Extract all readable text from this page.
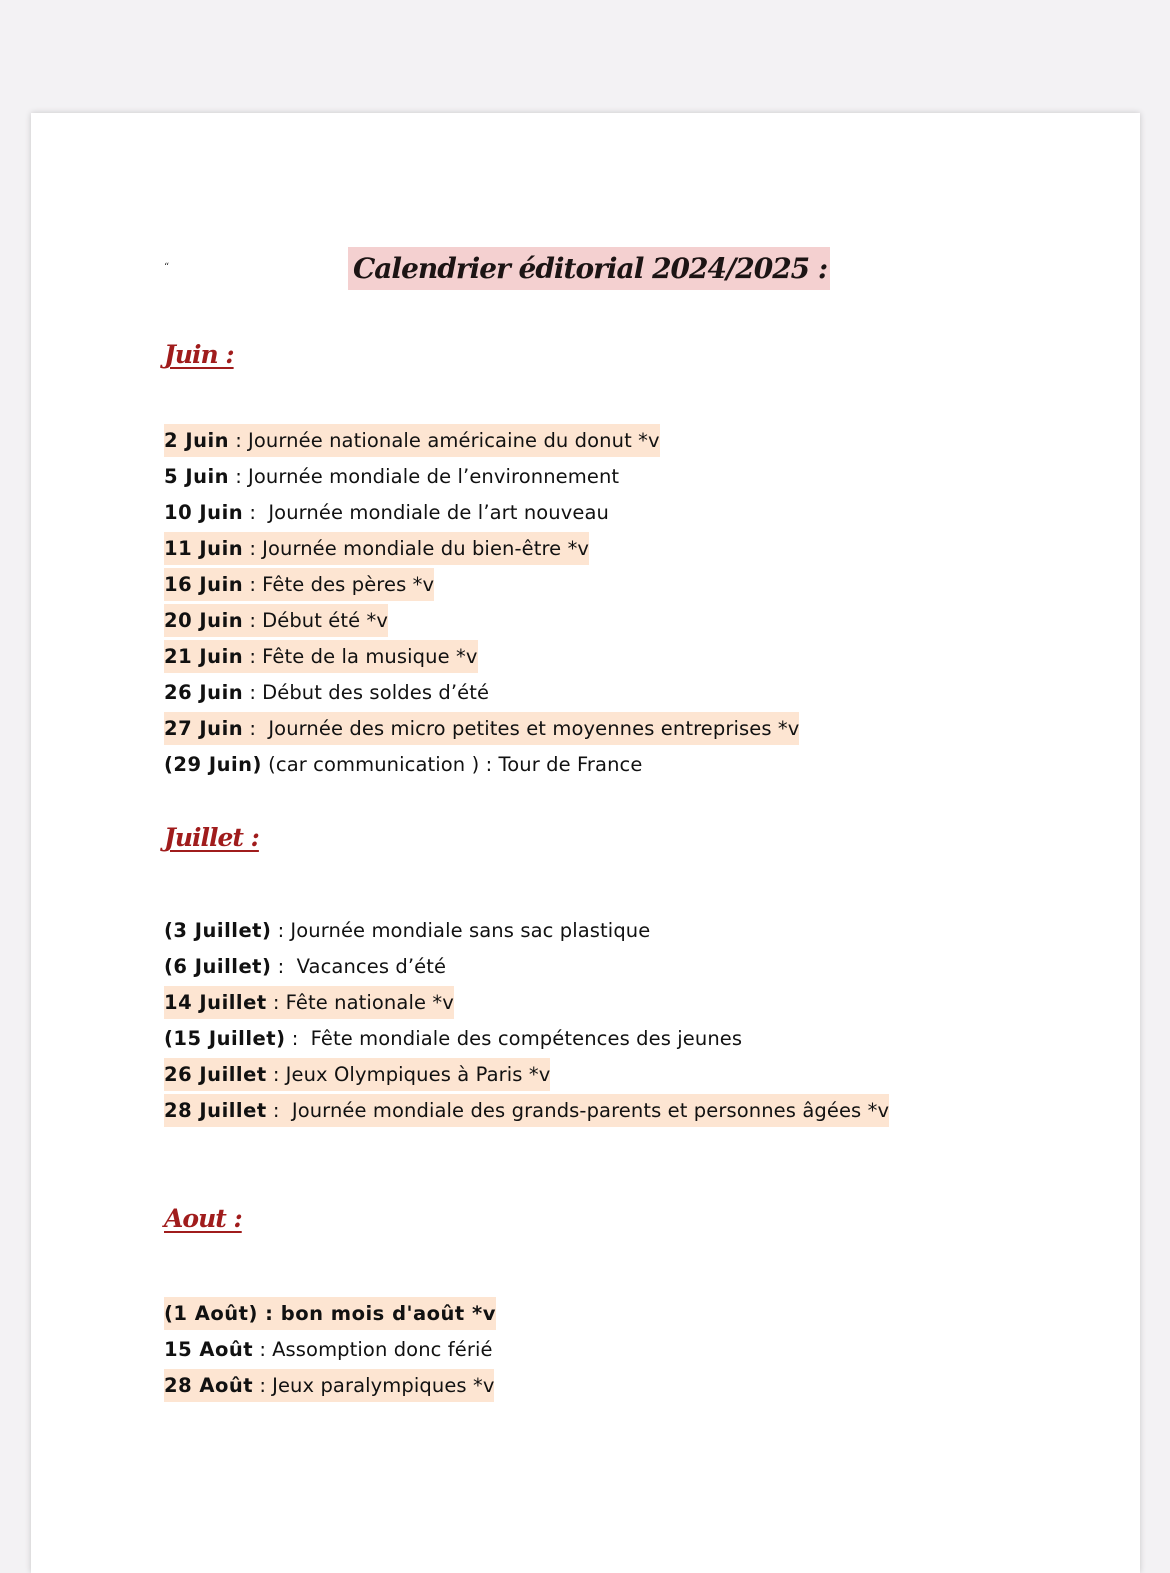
“	Calendrier éditorial 2024/2025 :
Juin :
2 Juin : Journée nationale américaine du donut *v
5 Juin : Journée mondiale de l’environnement
10 Juin :  Journée mondiale de l’art nouveau
11 Juin : Journée mondiale du bien-être *v
16 Juin : Fête des pères *v
20 Juin : Début été *v
21 Juin : Fête de la musique *v
26 Juin : Début des soldes d’été
27 Juin :  Journée des micro petites et moyennes entreprises *v
(29 Juin) (car communication ) : Tour de France
Juillet :
(3 Juillet) : Journée mondiale sans sac plastique
(6 Juillet) :  Vacances d’été
14 Juillet : Fête nationale *v
(15 Juillet) :  Fête mondiale des compétences des jeunes
26 Juillet : Jeux Olympiques à Paris *v
28 Juillet :  Journée mondiale des grands-parents et personnes âgées *v
Aout :
(1 Août) : bon mois d'août *v
15 Août : Assomption donc férié
28 Août : Jeux paralympiques *v
